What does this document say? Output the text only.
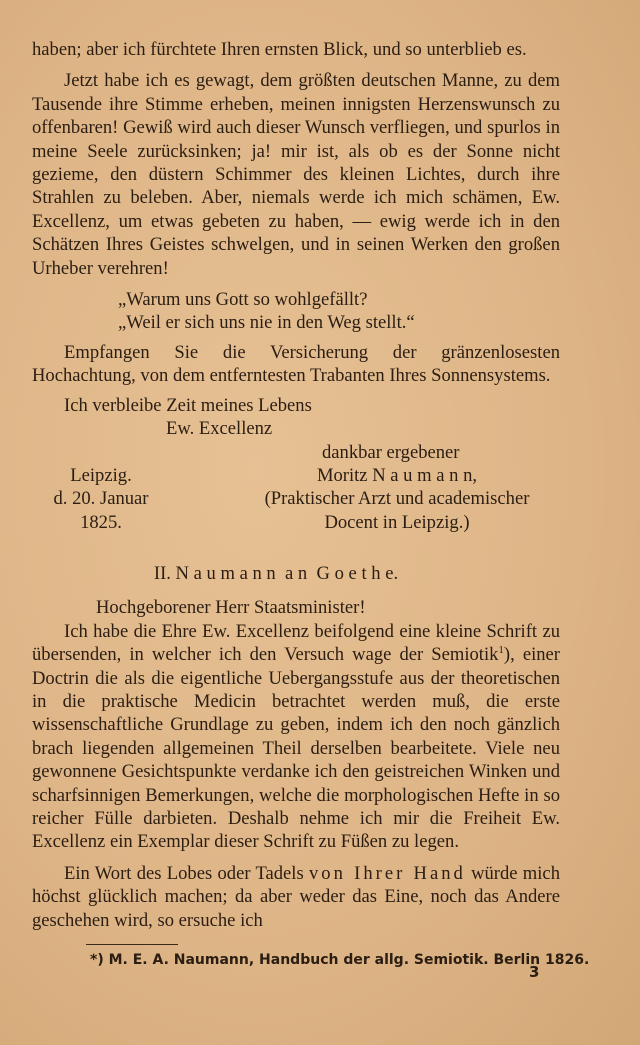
haben; aber ich fürchtete Ihren ernsten Blick, und so unterblieb es.

Jetzt habe ich es gewagt, dem größten deutschen Manne, zu dem Tausende ihre Stimme erheben, meinen innigsten Herzenswunsch zu offenbaren! Gewiß wird auch dieser Wunsch verfliegen, und spurlos in meine Seele zurücksinken; ja! mir ist, als ob es der Sonne nicht gezieme, den düstern Schimmer des kleinen Lichtes, durch ihre Strahlen zu beleben. Aber, niemals werde ich mich schämen, Ew. Excellenz, um etwas gebeten zu haben, — ewig werde ich in den Schätzen Ihres Geistes schwelgen, und in seinen Werken den großen Urheber verehren!

„Warum uns Gott so wohlgefällt?
„Weil er sich uns nie in den Weg stellt.“

Empfangen Sie die Versicherung der gränzenlosesten Hochachtung, von dem entferntesten Trabanten Ihres Sonnensystems.

Ich verbleibe Zeit meines Lebens
Ew. Excellenz
dankbar ergebener
Leipzig.
d. 20. Januar
1825.
Moritz N a u m a n n,
(Praktischer Arzt und academischer
Docent in Leipzig.)
II. N a u m a n n  a n  G o e t h e.
Hochgeborener Herr Staatsminister!

Ich habe die Ehre Ew. Excellenz beifolgend eine kleine Schrift zu übersenden, in welcher ich den Versuch wage der Semiotik$^1$), einer Doctrin die als die eigentliche Uebergangsstufe aus der theoretischen in die praktische Medicin betrachtet werden muß, die erste wissenschaftliche Grundlage zu geben, indem ich den noch gänzlich brach liegenden allgemeinen Theil derselben bearbeitete. Viele neu gewonnene Gesichtspunkte verdanke ich den geistreichen Winken und scharfsinnigen Bemerkungen, welche die morphologischen Hefte in so reicher Fülle darbieten. Deshalb nehme ich mir die Freiheit Ew. Excellenz ein Exemplar dieser Schrift zu Füßen zu legen.

Ein Wort des Lobes oder Tadels von Ihrer Hand würde mich höchst glücklich machen; da aber weder das Eine, noch das Andere geschehen wird, so ersuche ich

*) M. E. A. Naumann, Handbuch der allg. Semiotik. Berlin 1826.
3
